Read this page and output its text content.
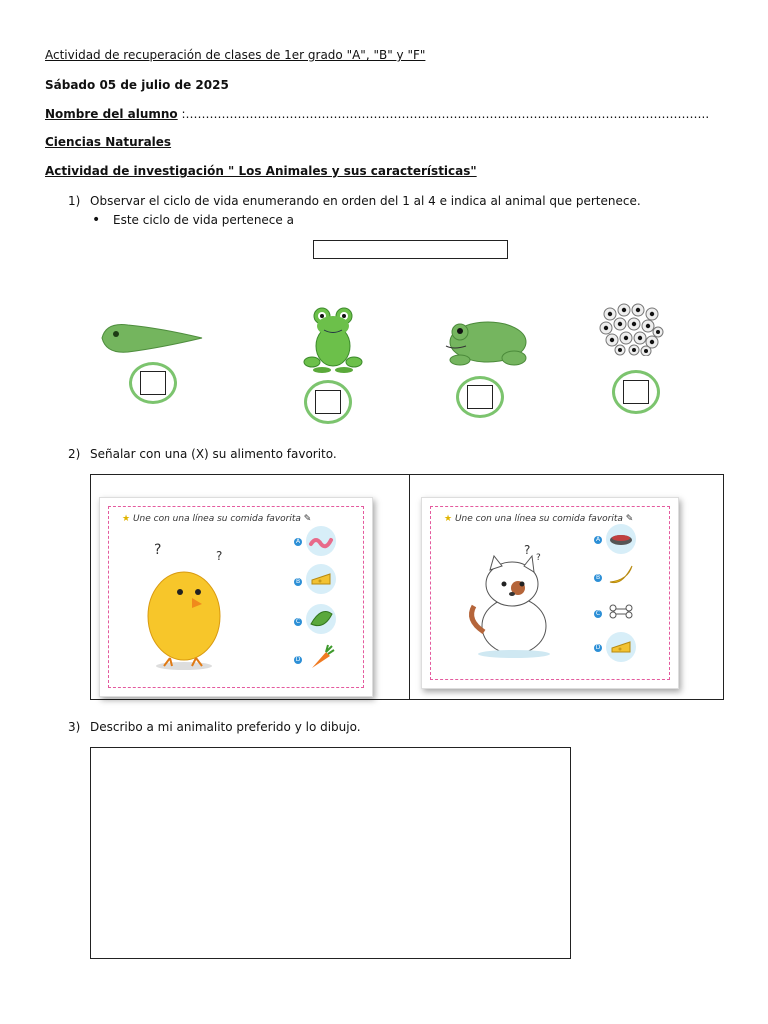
Actividad de recuperación de clases de 1er grado "A", "B" y "F"
Sábado 05 de julio de 2025
Nombre del alumno :…………………………………………………………………………………………………………………..
Ciencias Naturales
Actividad de investigación " Los Animales y sus características"
1) Observar el ciclo de vida enumerando en orden del 1 al 4 e indica al animal que pertenece.
• Este ciclo de vida pertenece a
2) Señalar con una (X) su alimento favorito.
★ Une con una línea su comida favorita ✎
?	?
A
B
C
D
★ Une con una línea su comida favorita ✎
?
?
A
B
C
D
3) Describo a mi animalito preferido y lo dibujo.
